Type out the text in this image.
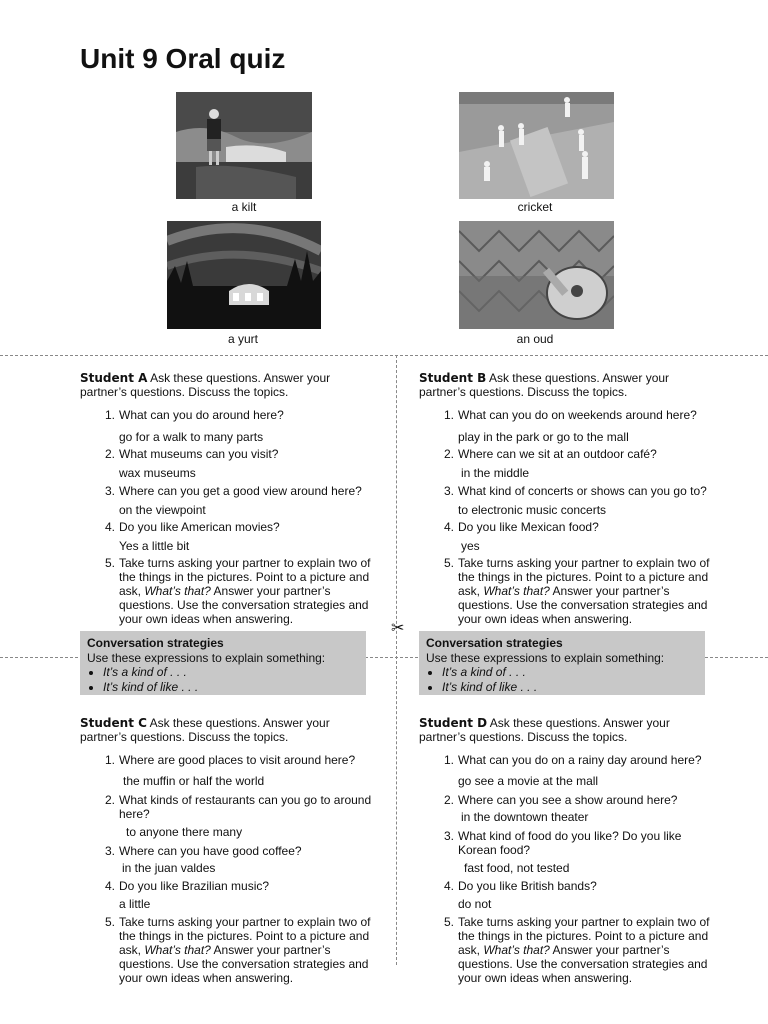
Unit 9 Oral quiz
a kilt	cricket
a yurt	an oud
✂
Student A Ask these questions. Answer your
partner’s questions. Discuss the topics.
1. What can you do around here?
go for a walk to many parts
2. What museums can you visit?
wax museums
3. Where can you get a good view around here?
on the viewpoint
4. Do you like American movies?
Yes a little bit
5. Take turns asking your partner to explain two of
the things in the pictures. Point to a picture and
ask, What’s that? Answer your partner’s
questions. Use the conversation strategies and
your own ideas when answering.
Student B Ask these questions. Answer your
partner’s questions. Discuss the topics.
1. What can you do on weekends around here?
play in the park or go to the mall
2. Where can we sit at an outdoor café?
in the middle
3. What kind of concerts or shows can you go to?
to electronic music concerts
4. Do you like Mexican food?
yes
5. Take turns asking your partner to explain two of
the things in the pictures. Point to a picture and
ask, What’s that? Answer your partner’s
questions. Use the conversation strategies and
your own ideas when answering.
Conversation strategies
Use these expressions to explain something:
• It’s a kind of . . .
• It’s kind of like . . .
Conversation strategies
Use these expressions to explain something:
• It’s a kind of . . .
• It’s kind of like . . .
Student C Ask these questions. Answer your
partner’s questions. Discuss the topics.
1. Where are good places to visit around here?
the muffin or half the world
2. What kinds of restaurants can you go to around
here?
to anyone there many
3. Where can you have good coffee?
in the juan valdes
4. Do you like Brazilian music?
a little
5. Take turns asking your partner to explain two of
the things in the pictures. Point to a picture and
ask, What’s that? Answer your partner’s
questions. Use the conversation strategies and
your own ideas when answering.
Student D Ask these questions. Answer your
partner’s questions. Discuss the topics.
1. What can you do on a rainy day around here?
go see a movie at the mall
2. Where can you see a show around here?
in the downtown theater
3. What kind of food do you like? Do you like
Korean food?
fast food, not tested
4. Do you like British bands?
do not
5. Take turns asking your partner to explain two of
the things in the pictures. Point to a picture and
ask, What’s that? Answer your partner’s
questions. Use the conversation strategies and
your own ideas when answering.
